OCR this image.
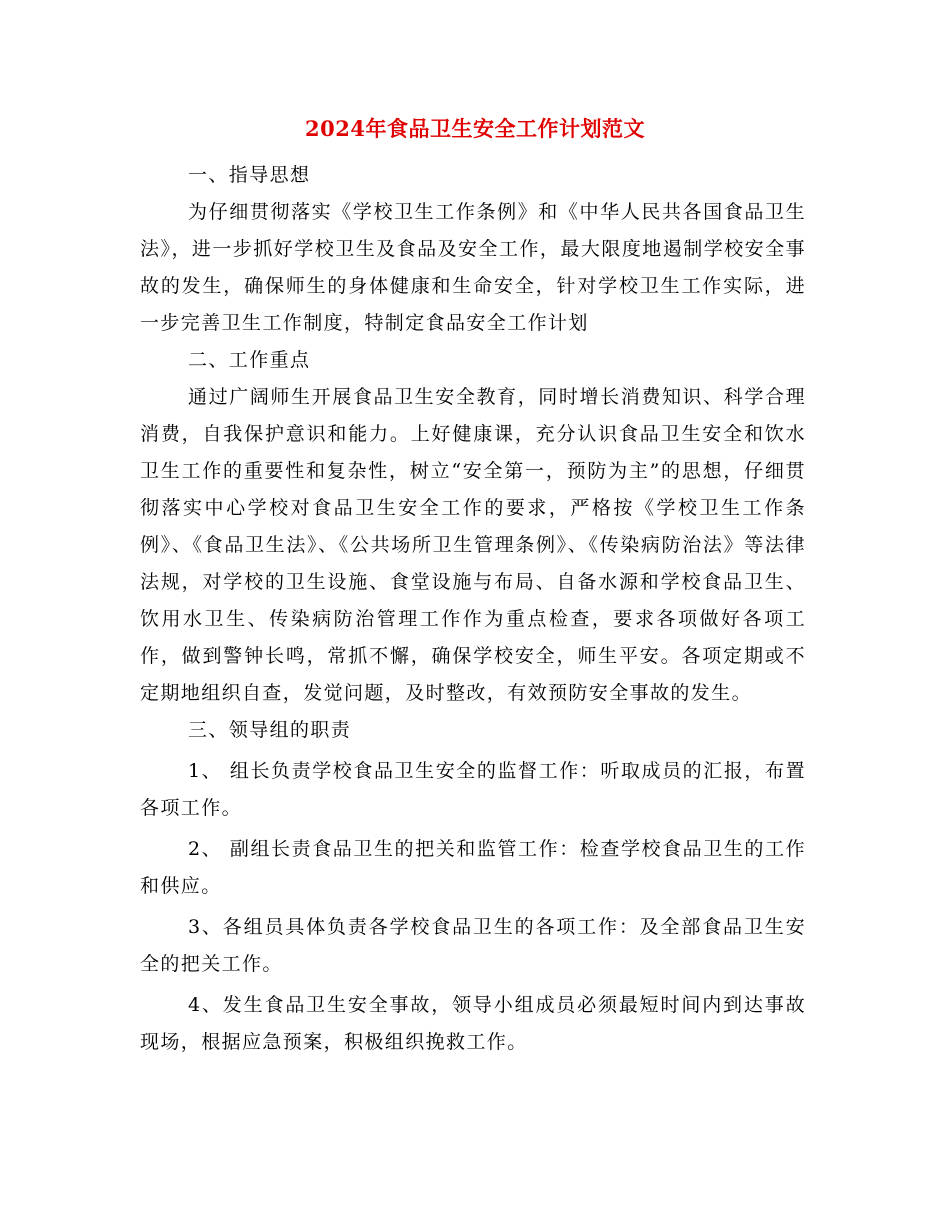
2024年食品卫生安全工作计划范文

一、指导思想

为仔细贯彻落实《学校卫生工作条例》和《中华人民共各国食品卫生法》，进一步抓好学校卫生及食品及安全工作，最大限度地遏制学校安全事故的发生，确保师生的身体健康和生命安全，针对学校卫生工作实际，进一步完善卫生工作制度，特制定食品安全工作计划

二、工作重点

通过广阔师生开展食品卫生安全教育，同时增长消费知识、科学合理消费，自我保护意识和能力。上好健康课，充分认识食品卫生安全和饮水卫生工作的重要性和复杂性，树立“安全第一，预防为主”的思想，仔细贯彻落实中心学校对食品卫生安全工作的要求，严格按《学校卫生工作条例》、《食品卫生法》、《公共场所卫生管理条例》、《传染病防治法》等法律法规，对学校的卫生设施、食堂设施与布局、自备水源和学校食品卫生、饮用水卫生、传染病防治管理工作作为重点检查，要求各项做好各项工作，做到警钟长鸣，常抓不懈，确保学校安全，师生平安。各项定期或不定期地组织自查，发觉问题，及时整改，有效预防安全事故的发生。

三、领导组的职责

1、 组长负责学校食品卫生安全的监督工作：听取成员的汇报，布置各项工作。

2、 副组长责食品卫生的把关和监管工作：检查学校食品卫生的工作和供应。

3、各组员具体负责各学校食品卫生的各项工作：及全部食品卫生安全的把关工作。

4、发生食品卫生安全事故，领导小组成员必须最短时间内到达事故现场，根据应急预案，积极组织挽救工作。
